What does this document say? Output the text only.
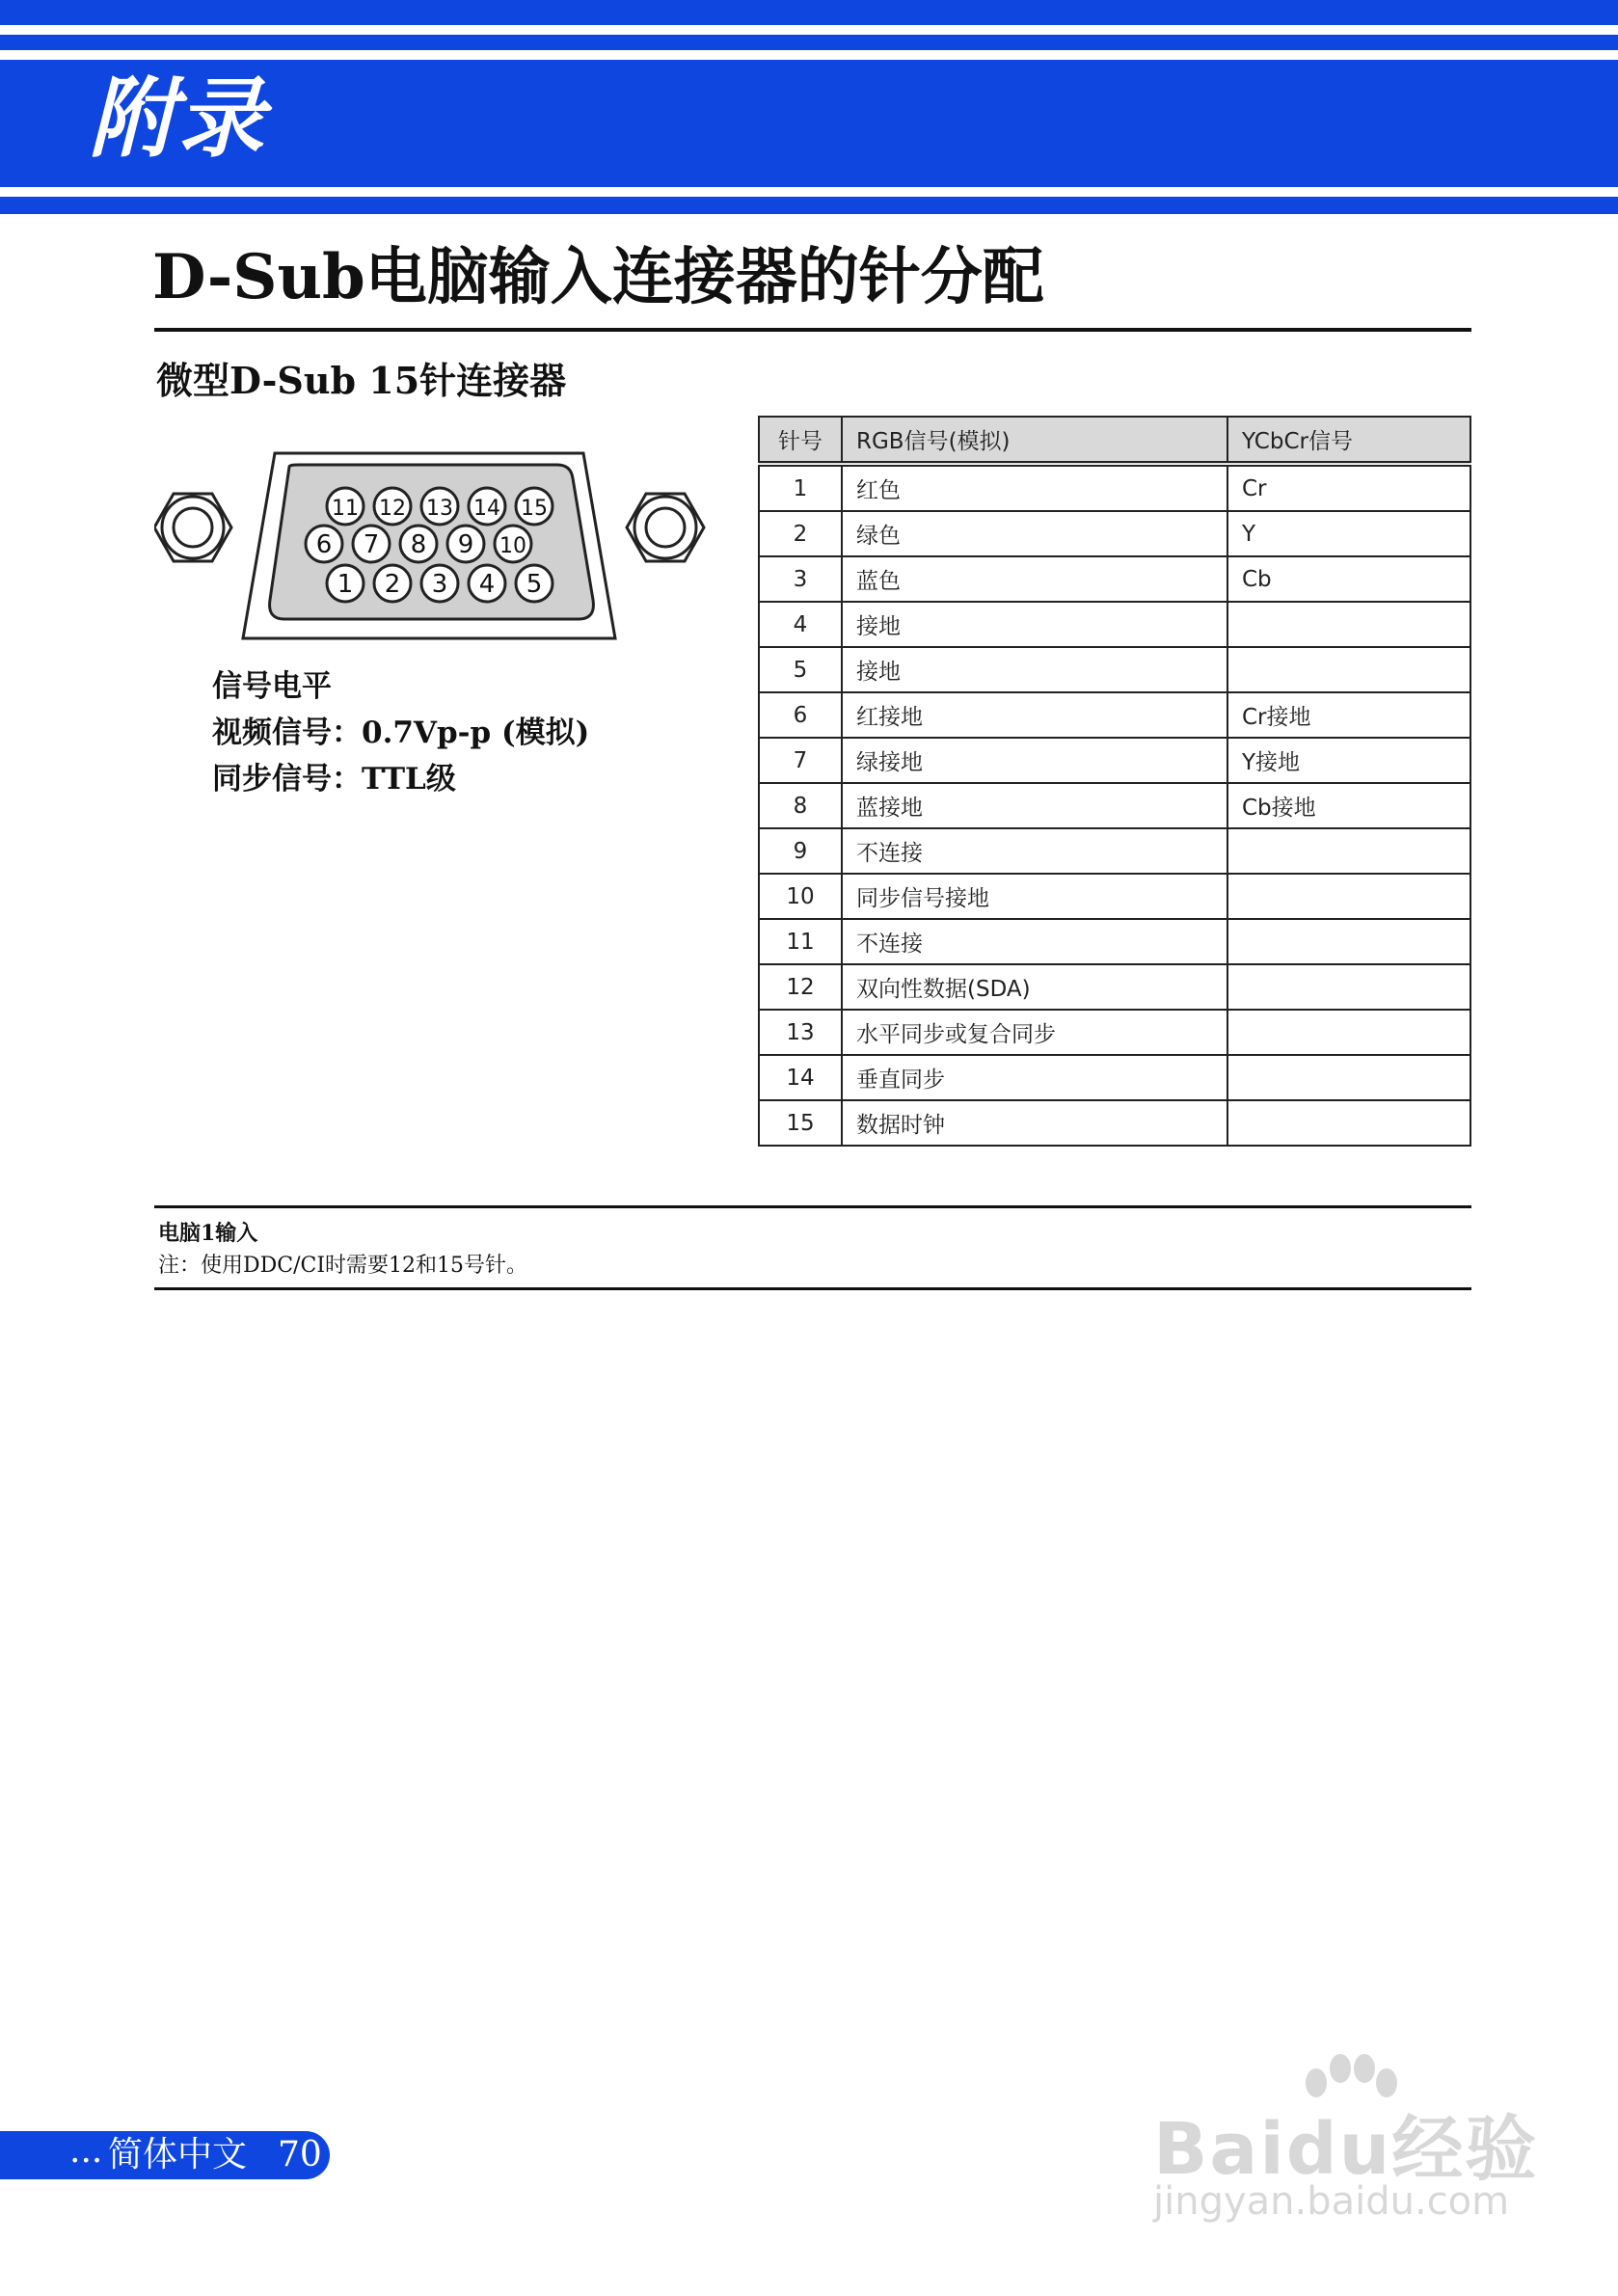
附录
D-Sub电脑输入连接器的针分配
微型D-Sub 15针连接器
11 12 13 14 15
6 7 8 9 10
1 2 3 4 5
信号电平
视频信号：0.7Vp-p (模拟)
同步信号：TTL级
针号	RGB信号(模拟)	YCbCr信号
1	红色	Cr
2	绿色	Y
3	蓝色	Cb
4	接地	
5	接地	
6	红接地	Cr接地
7	绿接地	Y接地
8	蓝接地	Cb接地
9	不连接	
10	同步信号接地	
11	不连接	
12	双向性数据(SDA)	
13	水平同步或复合同步	
14	垂直同步	
15	数据时钟	
电脑1输入
注：使用DDC/CI时需要12和15号针。
... 简体中文 70	Baidu经验
jingyan.baidu.com
